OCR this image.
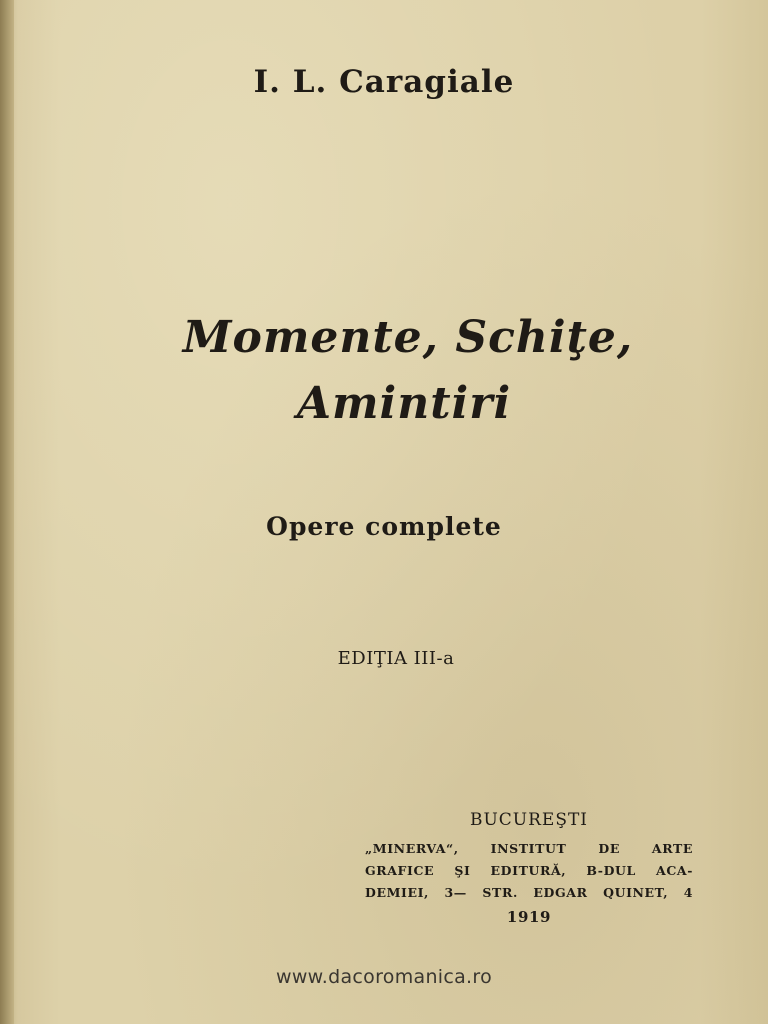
I. L. Caragiale
Momente, Schiţe,
Amintiri
Opere complete
EDIŢIA III-a
BUCUREŞTI
„MINERVA“, INSTITUT DE ARTE
GRAFICE ŞI EDITURĂ, B-DUL ACA-
DEMIEI, 3— STR. EDGAR QUINET, 4
1919
www.dacoromanica.ro
